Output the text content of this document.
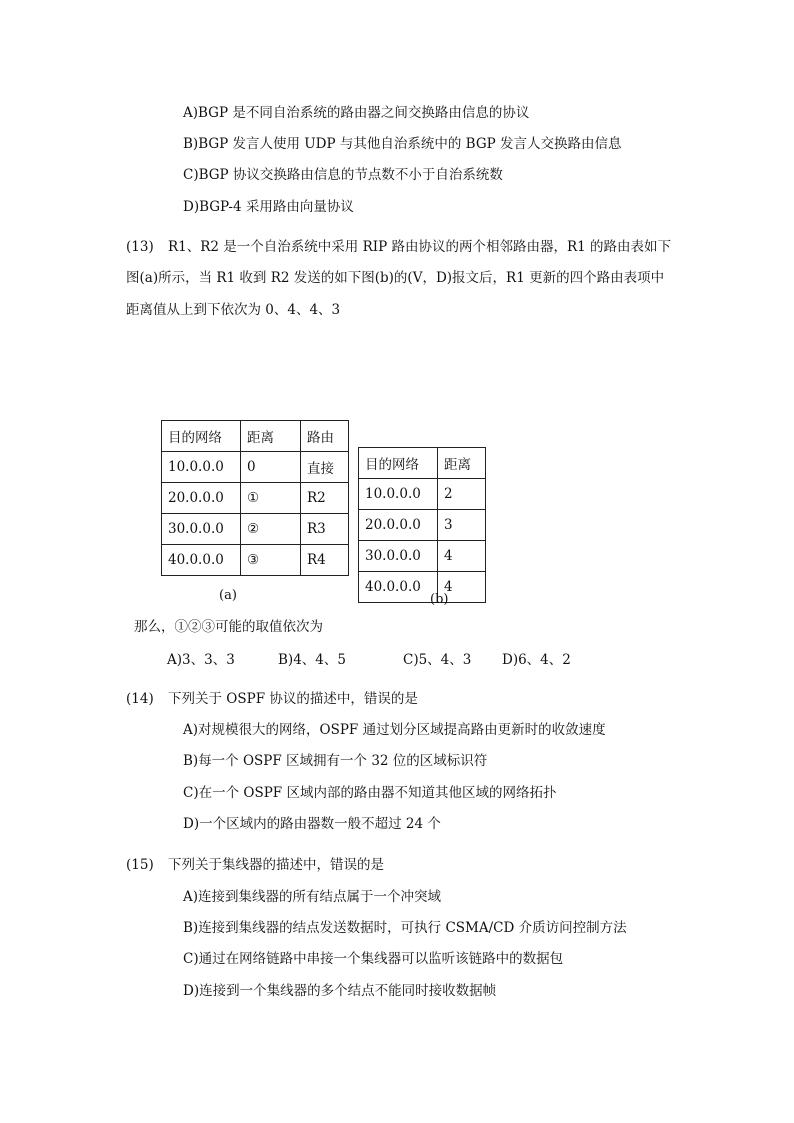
A)BGP 是不同自治系统的路由器之间交换路由信息的协议
B)BGP 发言人使用 UDP 与其他自治系统中的 BGP 发言人交换路由信息
C)BGP 协议交换路由信息的节点数不小于自治系统数
D)BGP-4 采用路由向量协议
(13) R1、R2 是一个自治系统中采用 RIP 路由协议的两个相邻路由器，R1 的路由表如下
图(a)所示，当 R1 收到 R2 发送的如下图(b)的(V，D)报文后，R1 更新的四个路由表项中
距离值从上到下依次为 0、4、4、3
目的网络	距离	路由
10.0.0.0	0	直接
20.0.0.0	①	R2
30.0.0.0	②	R3
40.0.0.0	③	R4
(a)
目的网络	距离
10.0.0.0	2
20.0.0.0	3
30.0.0.0	4
40.0.0.0	4
(b)
那么，①②③可能的取值依次为
A)3、3、3	B)4、4、5	C)5、4、3 D)6、4、2
(14) 下列关于 OSPF 协议的描述中，错误的是
A)对规模很大的网络，OSPF 通过划分区域提高路由更新时的收敛速度
B)每一个 OSPF 区域拥有一个 32 位的区域标识符
C)在一个 OSPF 区域内部的路由器不知道其他区域的网络拓扑
D)一个区域内的路由器数一般不超过 24 个
(15) 下列关于集线器的描述中，错误的是
A)连接到集线器的所有结点属于一个冲突域
B)连接到集线器的结点发送数据时，可执行 CSMA/CD 介质访问控制方法
C)通过在网络链路中串接一个集线器可以监听该链路中的数据包
D)连接到一个集线器的多个结点不能同时接收数据帧
